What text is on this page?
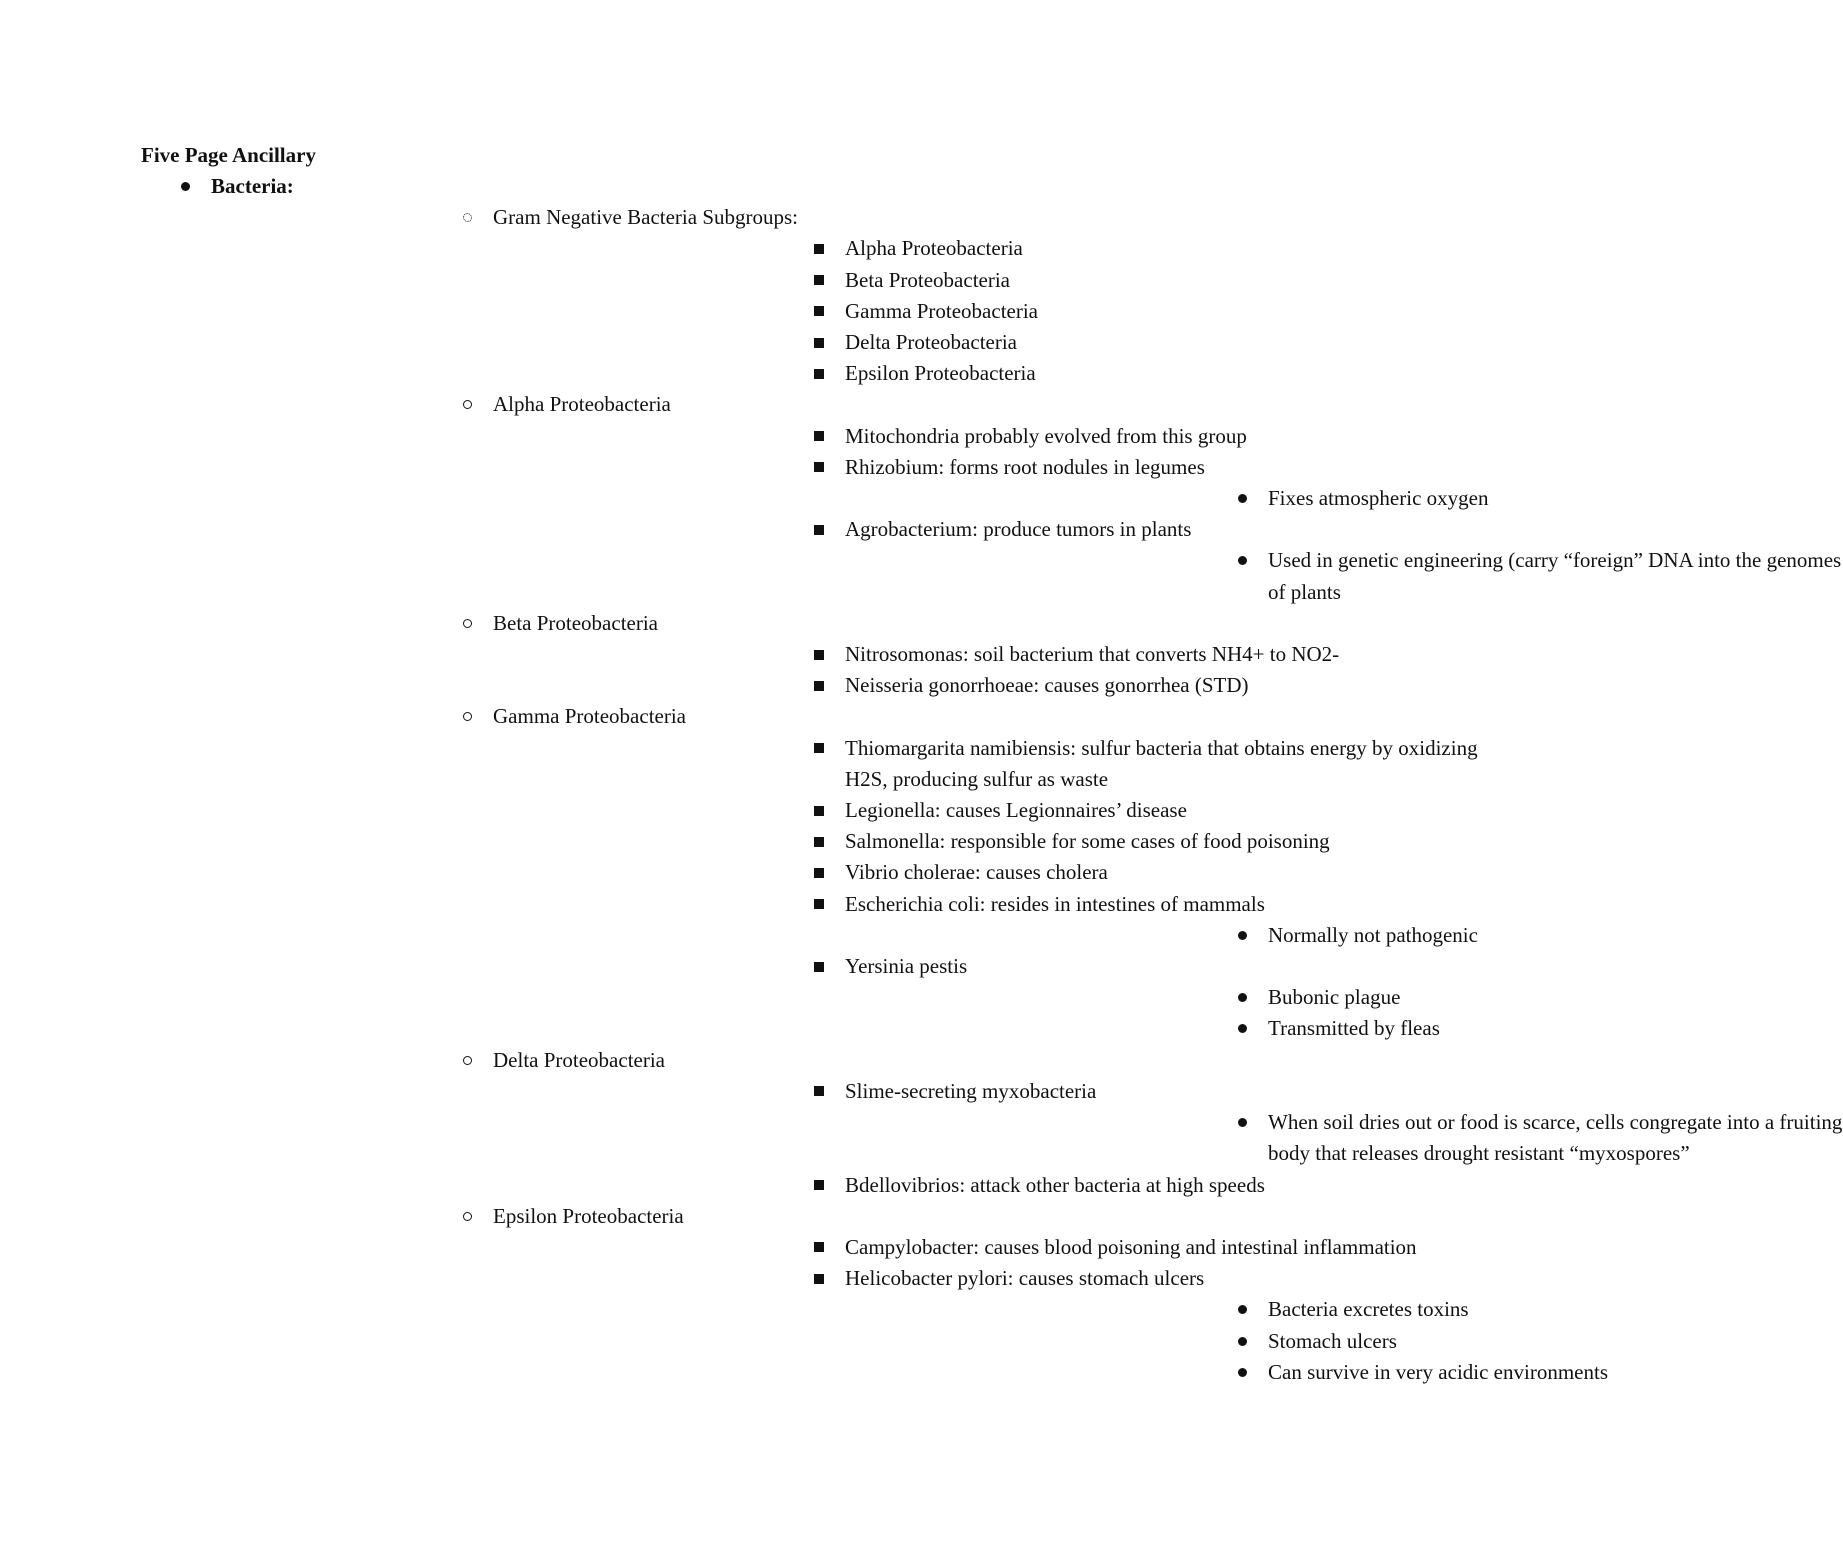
Five Page Ancillary
Bacteria:
Gram Negative Bacteria Subgroups:
Alpha Proteobacteria
Beta Proteobacteria
Gamma Proteobacteria
Delta Proteobacteria
Epsilon Proteobacteria
Alpha Proteobacteria
Mitochondria probably evolved from this group
Rhizobium: forms root nodules in legumes
Fixes atmospheric oxygen
Agrobacterium: produce tumors in plants
Used in genetic engineering (carry “foreign” DNA into the genomes of plants
Beta Proteobacteria
Nitrosomonas: soil bacterium that converts NH4+ to NO2-
Neisseria gonorrhoeae: causes gonorrhea (STD)
Gamma Proteobacteria
Thiomargarita namibiensis: sulfur bacteria that obtains energy by oxidizing H2S, producing sulfur as waste
Legionella: causes Legionnaires’ disease
Salmonella: responsible for some cases of food poisoning
Vibrio cholerae: causes cholera
Escherichia coli: resides in intestines of mammals
Normally not pathogenic
Yersinia pestis
Bubonic plague
Transmitted by fleas
Delta Proteobacteria
Slime-secreting myxobacteria
When soil dries out or food is scarce, cells congregate into a fruiting body that releases drought resistant “myxospores”
Bdellovibrios: attack other bacteria at high speeds
Epsilon Proteobacteria
Campylobacter: causes blood poisoning and intestinal inflammation
Helicobacter pylori: causes stomach ulcers
Bacteria excretes toxins
Stomach ulcers
Can survive in very acidic environments
